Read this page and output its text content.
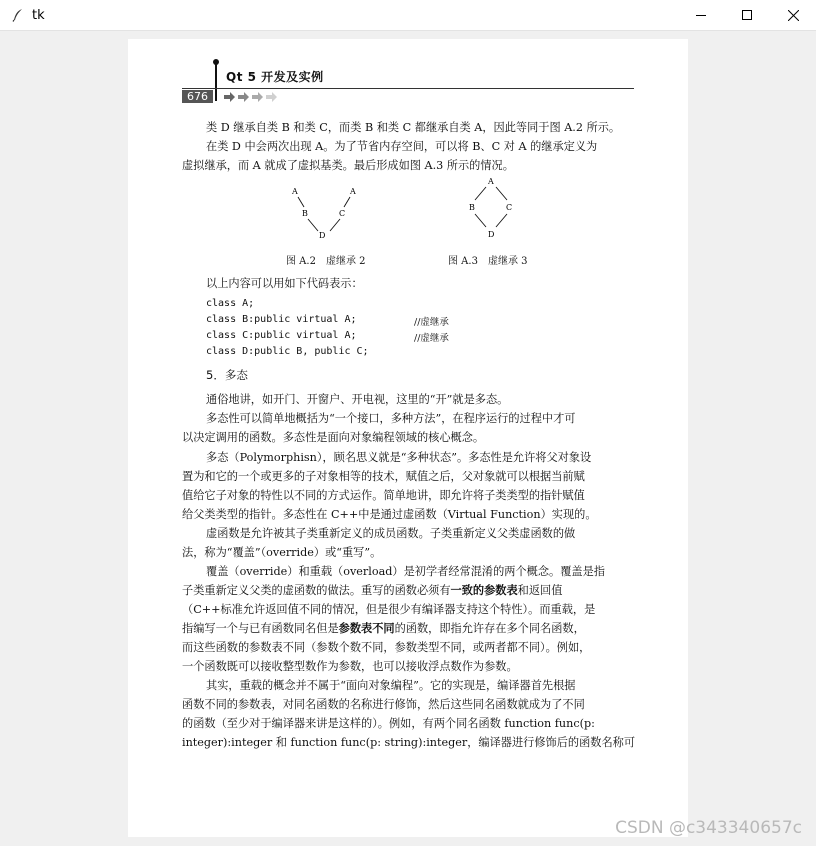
tk
Qt 5 开发及实例
676
类 D 继承自类 B 和类 C，而类 B 和类 C 都继承自类 A，因此等同于图 A.2 所示。
在类 D 中会两次出现 A。为了节省内存空间，可以将 B、C 对 A 的继承定义为
虚拟继承，而 A 就成了虚拟基类。最后形成如图 A.3 所示的情况。
A	A
B	C
D
图 A.2　虚继承 2
A
B	C
D
图 A.3　虚继承 3
以上内容可以用如下代码表示：
class A;
class B:public virtual A;	//虚继承
class C:public virtual A;	//虚继承
class D:public B, public C;
5．多态
通俗地讲，如开门、开窗户、开电视，这里的“开”就是多态。
多态性可以简单地概括为“一个接口，多种方法”，在程序运行的过程中才可
以决定调用的函数。多态性是面向对象编程领域的核心概念。
多态（Polymorphisn），顾名思义就是“多种状态”。多态性是允许将父对象设
置为和它的一个或更多的子对象相等的技术，赋值之后，父对象就可以根据当前赋
值给它子对象的特性以不同的方式运作。简单地讲，即允许将子类类型的指针赋值
给父类类型的指针。多态性在 C++中是通过虚函数（Virtual Function）实现的。
虚函数是允许被其子类重新定义的成员函数。子类重新定义父类虚函数的做
法，称为“覆盖”（override）或“重写”。
覆盖（override）和重载（overload）是初学者经常混淆的两个概念。覆盖是指
子类重新定义父类的虚函数的做法。重写的函数必须有一致的参数表和返回值
（C++标准允许返回值不同的情况，但是很少有编译器支持这个特性）。而重载，是
指编写一个与已有函数同名但是参数表不同的函数，即指允许存在多个同名函数，
而这些函数的参数表不同（参数个数不同，参数类型不同，或两者都不同）。例如，
一个函数既可以接收整型数作为参数，也可以接收浮点数作为参数。
其实，重载的概念并不属于“面向对象编程”。它的实现是，编译器首先根据
函数不同的参数表，对同名函数的名称进行修饰，然后这些同名函数就成为了不同
的函数（至少对于编译器来讲是这样的）。例如，有两个同名函数 function func(p:
integer):integer 和 function func(p: string):integer，编译器进行修饰后的函数名称可
CSDN @c343340657c
